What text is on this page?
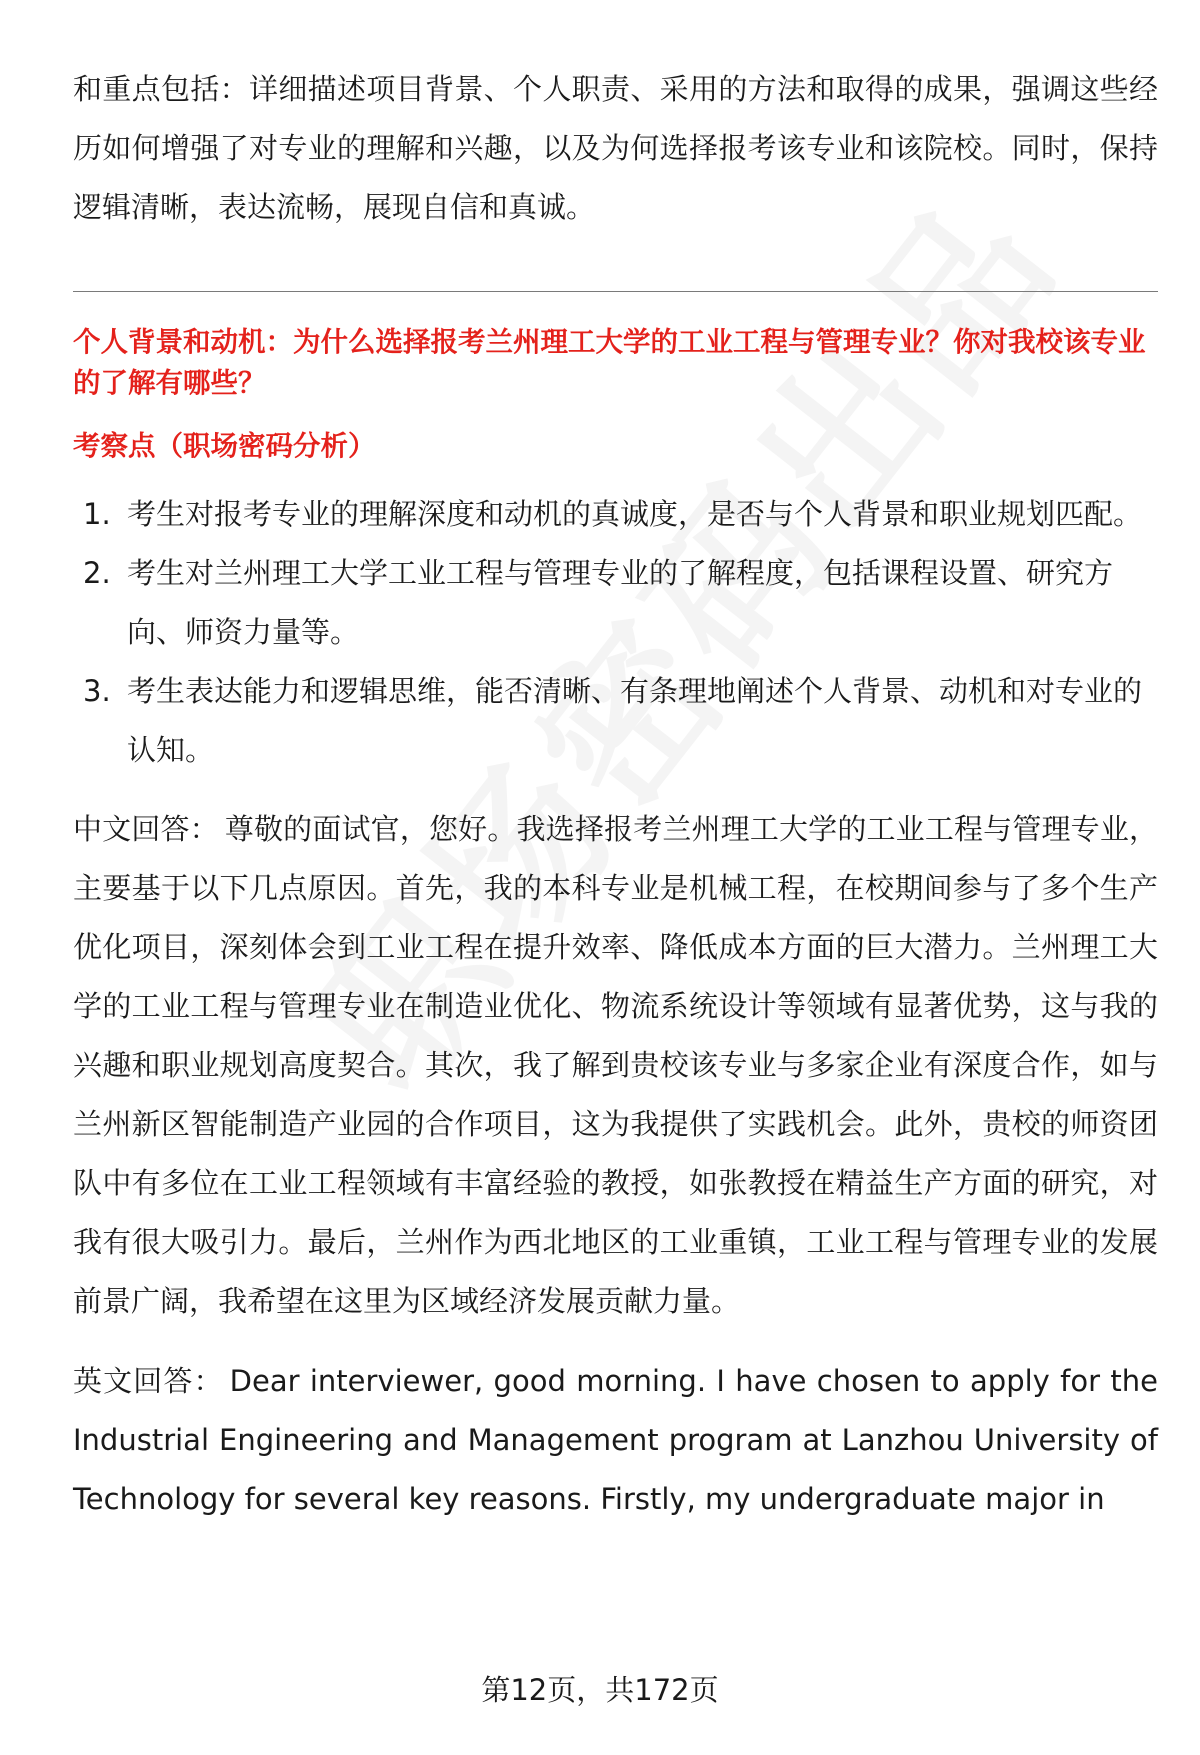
和重点包括：详细描述项目背景、个人职责、采用的方法和取得的成果，强调这些经历如何增强了对专业的理解和兴趣，以及为何选择报考该专业和该院校。同时，保持逻辑清晰，表达流畅，展现自信和真诚。

个人背景和动机：为什么选择报考兰州理工大学的工业工程与管理专业？你对我校该专业的了解有哪些？

考察点（职场密码分析）

1. 考生对报考专业的理解深度和动机的真诚度，是否与个人背景和职业规划匹配。
2. 考生对兰州理工大学工业工程与管理专业的了解程度，包括课程设置、研究方向、师资力量等。
3. 考生表达能力和逻辑思维，能否清晰、有条理地阐述个人背景、动机和对专业的认知。

中文回答： 尊敬的面试官，您好。我选择报考兰州理工大学的工业工程与管理专业，主要基于以下几点原因。首先，我的本科专业是机械工程，在校期间参与了多个生产优化项目，深刻体会到工业工程在提升效率、降低成本方面的巨大潜力。兰州理工大学的工业工程与管理专业在制造业优化、物流系统设计等领域有显著优势，这与我的兴趣和职业规划高度契合。其次，我了解到贵校该专业与多家企业有深度合作，如与兰州新区智能制造产业园的合作项目，这为我提供了实践机会。此外，贵校的师资团队中有多位在工业工程领域有丰富经验的教授，如张教授在精益生产方面的研究，对我有很大吸引力。最后，兰州作为西北地区的工业重镇，工业工程与管理专业的发展前景广阔，我希望在这里为区域经济发展贡献力量。

英文回答： Dear interviewer, good morning. I have chosen to apply for the Industrial Engineering and Management program at Lanzhou University of Technology for several key reasons. Firstly, my undergraduate major in

第12页，共172页
